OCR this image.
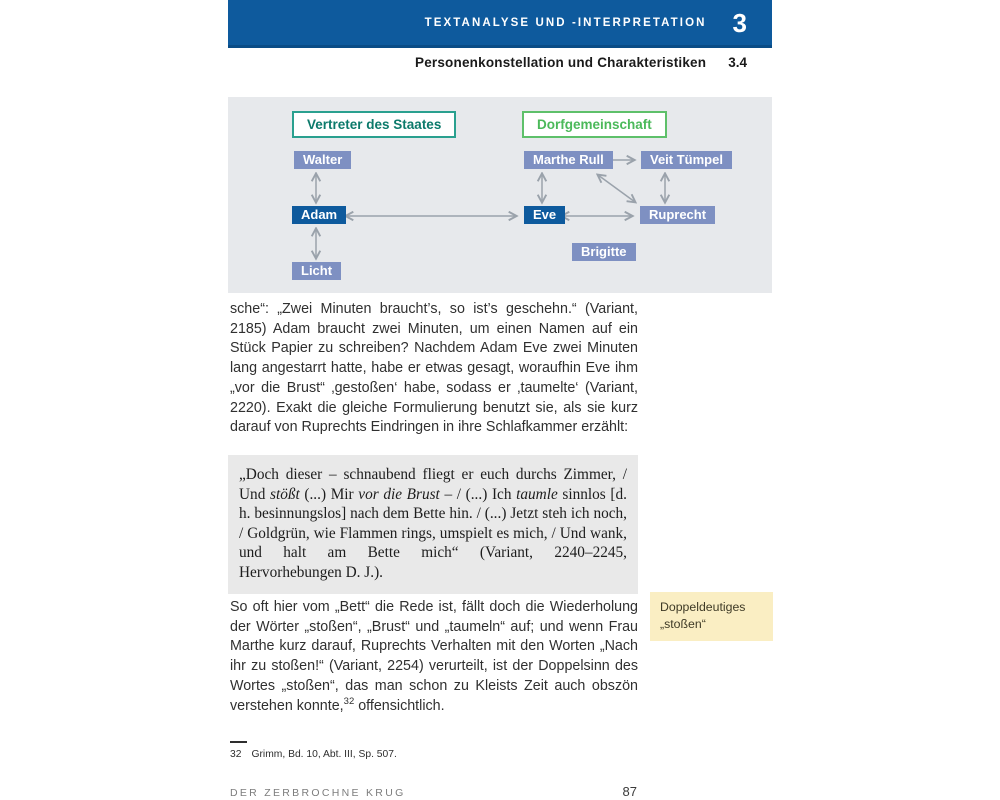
TEXTANALYSE UND -INTERPRETATION 3
Personenkonstellation und Charakteristiken 3.4
Vertreter des Staates	Dorfgemeinschaft
Walter	Marthe Rull	Veit Tümpel
Adam	Eve	Ruprecht
Brigitte
Licht

sche“: „Zwei Minuten braucht’s, so ist’s geschehn.“ (Variant, 2185) Adam braucht zwei Minuten, um einen Namen auf ein Stück Papier zu schreiben? Nachdem Adam Eve zwei Minuten lang angestarrt hatte, habe er etwas gesagt, woraufhin Eve ihm „vor die Brust“ ‚gestoßen‘ habe, sodass er ‚taumelte‘ (Variant, 2220). Exakt die gleiche Formulierung benutzt sie, als sie kurz darauf von Ruprechts Eindringen in ihre Schlafkammer erzählt:

„Doch dieser – schnaubend fliegt er euch durchs Zimmer, / Und stößt (...) Mir vor die Brust – / (...) Ich taumle sinnlos [d. h. besinnungslos] nach dem Bette hin. / (...) Jetzt steh ich noch, / Goldgrün, wie Flammen rings, umspielt es mich, / Und wank, und halt am Bette mich“ (Variant, 2240–2245, Hervorhebungen D. J.).

So oft hier vom „Bett“ die Rede ist, fällt doch die Wiederholung der Wörter „stoßen“, „Brust“ und „taumeln“ auf; und wenn Frau Marthe kurz darauf, Ruprechts Verhalten mit den Worten „Nach ihr zu stoßen!“ (Variant, 2254) verurteilt, ist der Doppelsinn des Wortes „stoßen“, das man schon zu Kleists Zeit auch obszön verstehen konnte,$^{32}$ offensichtlich.

Doppeldeutiges „stoßen“
32 Grimm, Bd. 10, Abt. III, Sp. 507.
DER ZERBROCHNE KRUG	87
